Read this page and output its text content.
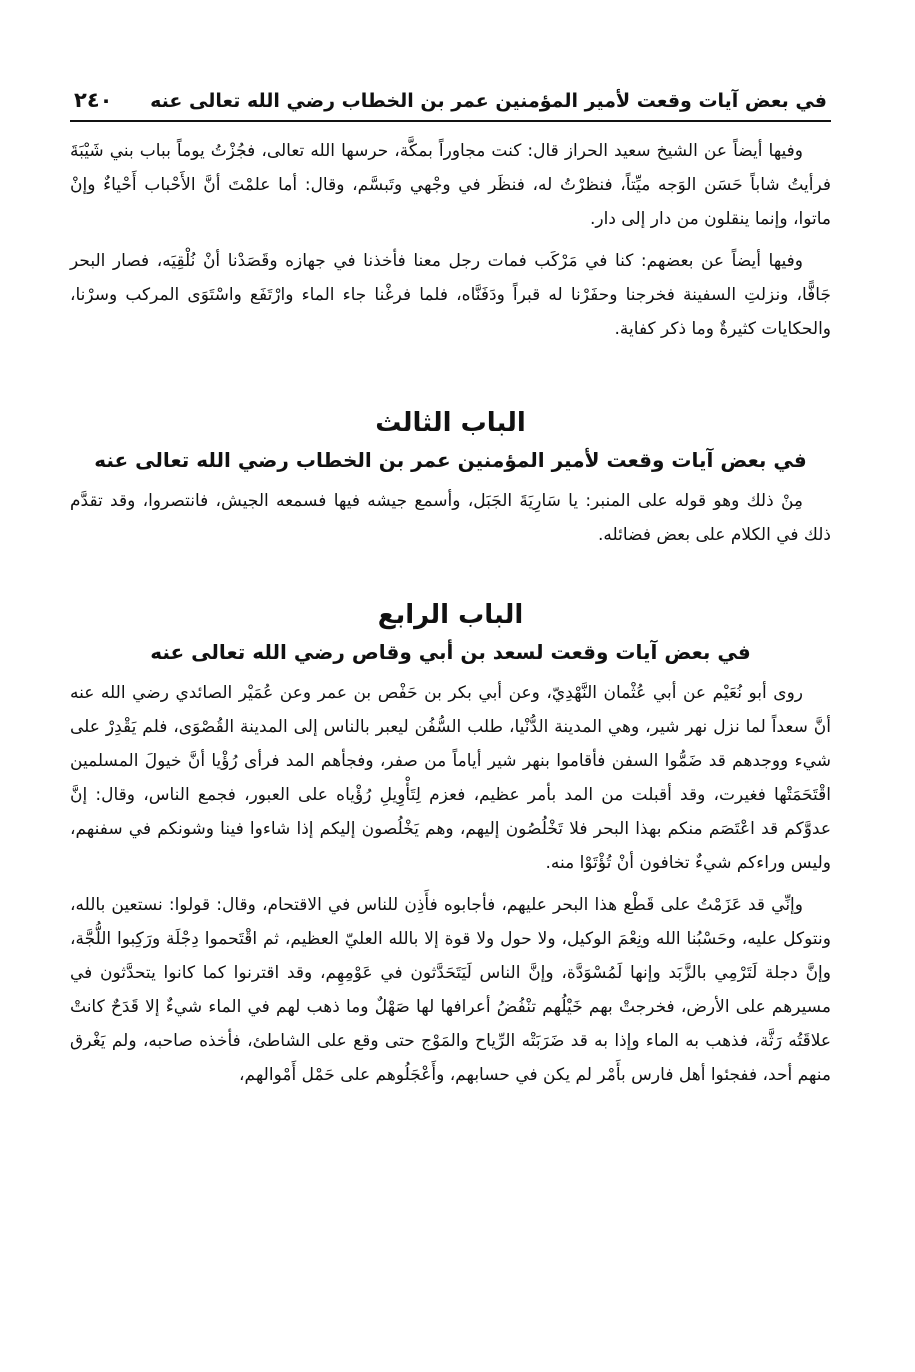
في بعض آيات وقعت لأمير المؤمنين عمر بن الخطاب رضي الله تعالى عنه
٢٤٠

وفيها أيضاً عن الشيخ سعيد الحراز قال: كنت مجاوراً بمكَّة، حرسها الله تعالى، فجُزْتُ يوماً بباب بني شَيْبَةَ فرأيتُ شاباً حَسَن الوَجه ميِّتاً، فنظرْتُ له، فنظَر في وجْهي وتَبسَّم، وقال: أما علمْتَ أنَّ الأَحْباب أَحْياءٌ وإنْ ماتوا، وإنما ينقلون من دار إلى دار.

وفيها أيضاً عن بعضهم: كنا في مَرْكَب فمات رجل معنا فأخذنا في جهازه وقَصَدْنا أنْ نُلْقِيَه، فصار البحر جَافًّا، ونزلتِ السفينة فخرجنا وحفَرْنا له قبراً ودَفَنَّاه، فلما فرغْنا جاء الماء وارْتَفَع واسْتَوَى المركب وسرْنا، والحكايات كثيرةٌ وما ذكر كفاية.

الباب الثالث
في بعض آيات وقعت لأمير المؤمنين عمر بن الخطاب رضي الله تعالى عنه

مِنْ ذلك وهو قوله على المنبر: يا سَارِيَةَ الجَبَل، وأسمع جيشه فيها فسمعه الجيش، فانتصروا، وقد تقدَّم ذلك في الكلام على بعض فضائله.

الباب الرابع
في بعض آيات وقعت لسعد بن أبي وقاص رضي الله تعالى عنه

روى أبو نُعَيْم عن أبي عُثْمان النَّهْدِيّ، وعن أبي بكر بن حَفْص بن عمر وعن عُمَيْر الصائدي رضي الله عنه أنَّ سعداً لما نزل نهر شير، وهي المدينة الدُّنْيا، طلب السُّفُن ليعبر بالناس إلى المدينة القُصْوَى، فلم يَقْدِرْ على شيء ووجدهم قد ضَمُّوا السفن فأقاموا بنهر شير أياماً من صفر، وفجأهم المد فرأى رُؤْيا أنَّ خيولَ المسلمين اقْتَحَمَتْها فغيرت، وقد أقبلت من المد بأمر عظيم، فعزم لِتَأْوِيلِ رُؤْياه على العبور، فجمع الناس، وقال: إنَّ عدوَّكم قد اعْتَصَم منكم بهذا البحر فلا تَخْلُصُون إليهم، وهم يَخْلُصون إليكم إذا شاءوا فينا وشونكم في سفنهم، وليس وراءكم شيءٌ تخافون أنْ تُؤْتَوْا منه.

وإنِّي قد عَزَمْتُ على قَطْع هذا البحر عليهم، فأجابوه فأَذِن للناس في الاقتحام، وقال: قولوا: نستعين بالله، ونتوكل عليه، وحَسْبُنا الله ونِعْمَ الوكيل، ولا حول ولا قوة إلا بالله العليّ العظيم، ثم اقْتَحموا دِجْلَة ورَكِبوا اللُّجَّة، وإنَّ دجلة لَتَرْمِي بالزَّبَد وإنها لَمُسْوَدَّة، وإنَّ الناس لَيَتَحَدَّثون في عَوْمِهِم، وقد اقترنوا كما كانوا يتحدَّثون في مسيرهم على الأرض، فخرجتْ بهم خَيْلُهم تنْفُضُ أعرافها لها صَهْلٌ وما ذهب لهم في الماء شيءٌ إلا قَدَحٌ كانتْ علاقَتُه رَثَّة، فذهب به الماء وإذا به قد ضَرَبَتْه الرِّياح والمَوْج حتى وقع على الشاطئ، فأخذه صاحبه، ولم يَغْرق منهم أحد، ففجئوا أهل فارس بأَمْر لم يكن في حسابهم، وأَعْجَلُوهم على حَمْل أَمْوالهم،
